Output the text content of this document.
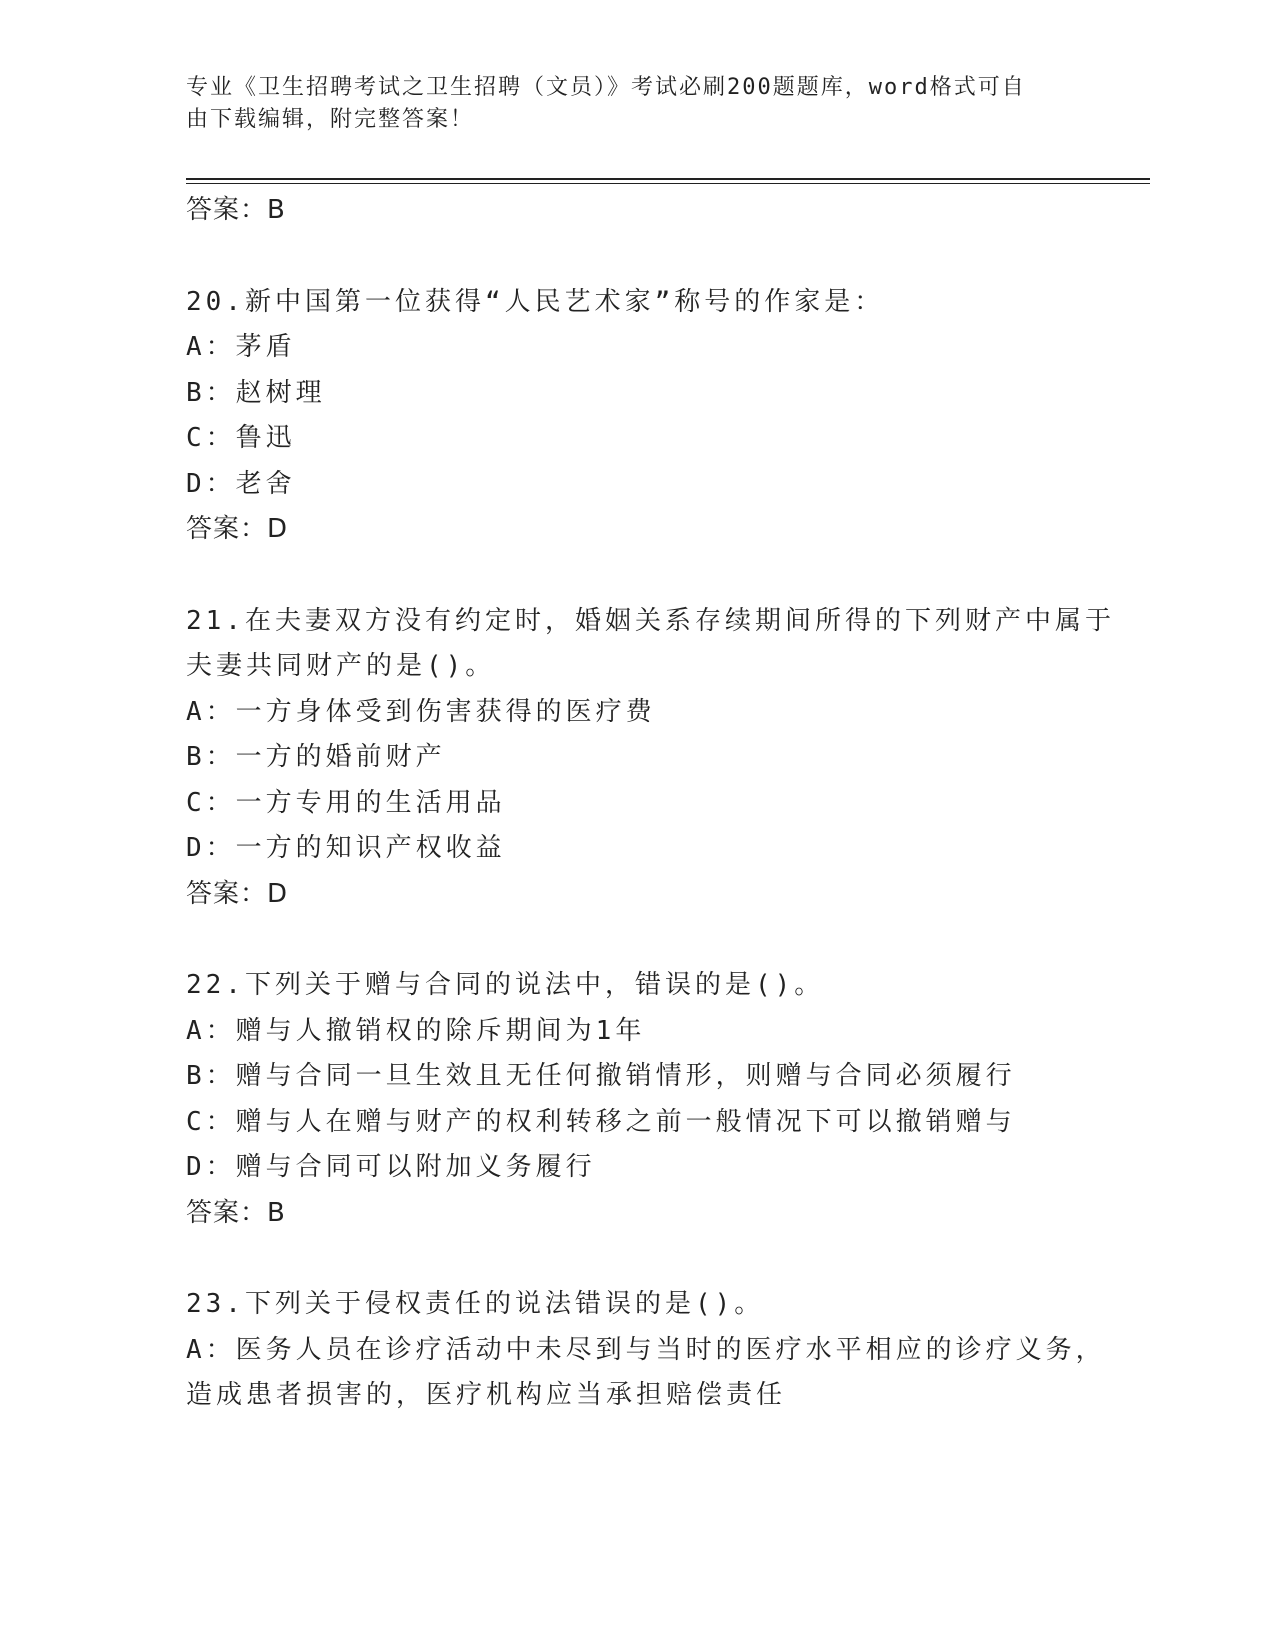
专业《卫生招聘考试之卫生招聘（文员）》考试必刷200题题库，word格式可自
由下载编辑，附完整答案！
答案：B
20.新中国第一位获得“人民艺术家”称号的作家是：
A：茅盾
B：赵树理
C：鲁迅
D：老舍
答案：D
21.在夫妻双方没有约定时，婚姻关系存续期间所得的下列财产中属于
夫妻共同财产的是()。
A：一方身体受到伤害获得的医疗费
B：一方的婚前财产
C：一方专用的生活用品
D：一方的知识产权收益
答案：D
22.下列关于赠与合同的说法中，错误的是()。
A：赠与人撤销权的除斥期间为1年
B：赠与合同一旦生效且无任何撤销情形，则赠与合同必须履行
C：赠与人在赠与财产的权利转移之前一般情况下可以撤销赠与
D：赠与合同可以附加义务履行
答案：B
23.下列关于侵权责任的说法错误的是()。
A：医务人员在诊疗活动中未尽到与当时的医疗水平相应的诊疗义务，
造成患者损害的，医疗机构应当承担赔偿责任
